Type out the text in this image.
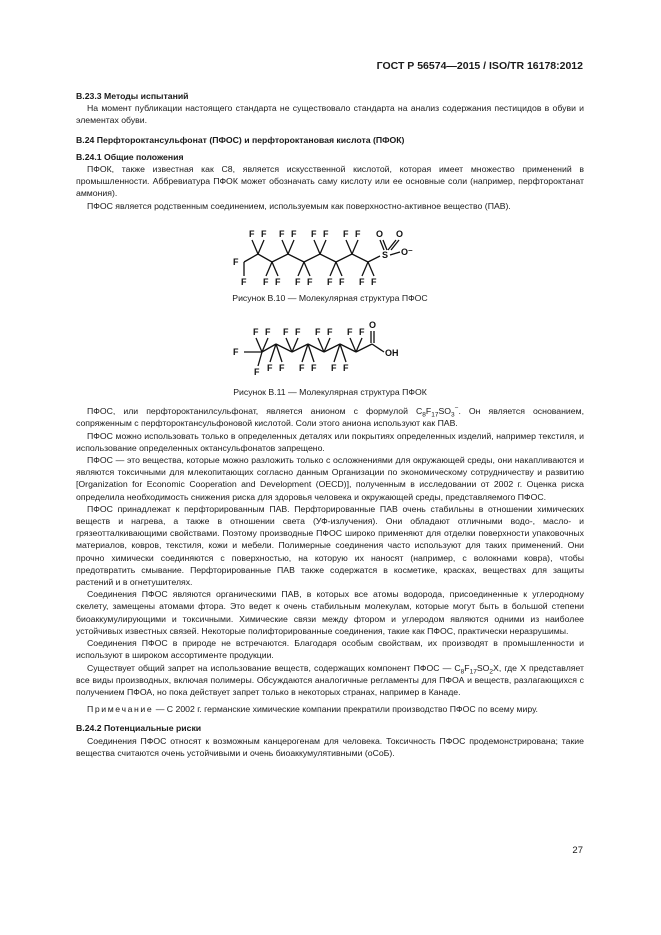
ГОСТ Р 56574—2015 / ISO/TR 16178:2012

В.23.3 Методы испытаний

На момент публикации настоящего стандарта не существовало стандарта на анализ содержания пестицидов в обуви и элементах обуви.

В.24 Перфтороктансульфонат (ПФОС) и перфтороктановая кислота (ПФОК)

В.24.1 Общие положения

ПФОК, также известная как С8, является искусственной кислотой, которая имеет множество применений в промышленности. Аббревиатура ПФОК может обозначать саму кислоту или ее основные соли (например, перфтороктанат аммония).

ПФОС является родственным соединением, используемым как поверхностно-активное вещество (ПАВ).

F F F F F F F F
F
F F F F F F F F F
S
O O
O⁻

Рисунок В.10 — Молекулярная структура ПФОС

F F F F F F F F
O
F
F F F F F F F
OH

Рисунок В.11 — Молекулярная структура ПФОК

ПФОС, или перфтороктанилсульфонат, является анионом с формулой $C_8F_{17}SO_3^-$. Он является основанием, сопряженным с перфтороктансульфоновой кислотой. Соли этого аниона используют как ПАВ.

ПФОС можно использовать только в определенных деталях или покрытиях определенных изделий, например текстиля, и использование определенных октансульфонатов запрещено.

ПФОС — это вещества, которые можно разложить только с осложнениями для окружающей среды, они накапливаются и являются токсичными для млекопитающих согласно данным Организации по экономическому сотрудничеству и развитию [Organization for Economic Cooperation and Development (OECD)], полученным в исследовании от 2002 г. Оценка риска определила необходимость снижения риска для здоровья человека и окружающей среды, представляемого ПФОС.

ПФОС принадлежат к перфторированным ПАВ. Перфторированные ПАВ очень стабильны в отношении химических веществ и нагрева, а также в отношении света (УФ-излучения). Они обладают отличными водо-, масло- и грязеотталкивающими свойствами. Поэтому производные ПФОС широко применяют для отделки поверхности упаковочных материалов, ковров, текстиля, кожи и мебели. Полимерные соединения часто используют для таких применений. Они прочно химически соединяются с поверхностью, на которую их наносят (например, с волокнами ковра), чтобы предотвратить смывание. Перфторированные ПАВ также содержатся в косметике, красках, веществах для защиты растений и в огнетушителях.

Соединения ПФОС являются органическими ПАВ, в которых все атомы водорода, присоединенные к углеродному скелету, замещены атомами фтора. Это ведет к очень стабильным молекулам, которые могут быть в большой степени биоаккумулирующими и токсичными. Химические связи между фтором и углеродом являются одними из наиболее устойчивых известных связей. Некоторые полифторированные соединения, такие как ПФОС, практически неразрушимы.

Соединения ПФОС в природе не встречаются. Благодаря особым свойствам, их производят в промышленности и используют в широком ассортименте продукции.

Существует общий запрет на использование веществ, содержащих компонент ПФОС — $C_8F_{17}SO_2X$, где X представляет все виды производных, включая полимеры. Обсуждаются аналогичные регламенты для ПФОА и веществ, разлагающихся с получением ПФОА, но пока действует запрет только в некоторых странах, например в Канаде.

Примечание — С 2002 г. германские химические компании прекратили производство ПФОС по всему миру.

В.24.2 Потенциальные риски

Соединения ПФОС относят к возможным канцерогенам для человека. Токсичность ПФОС продемонстрирована; такие вещества считаются очень устойчивыми и очень биоаккумулятивными (оСоБ).

27
